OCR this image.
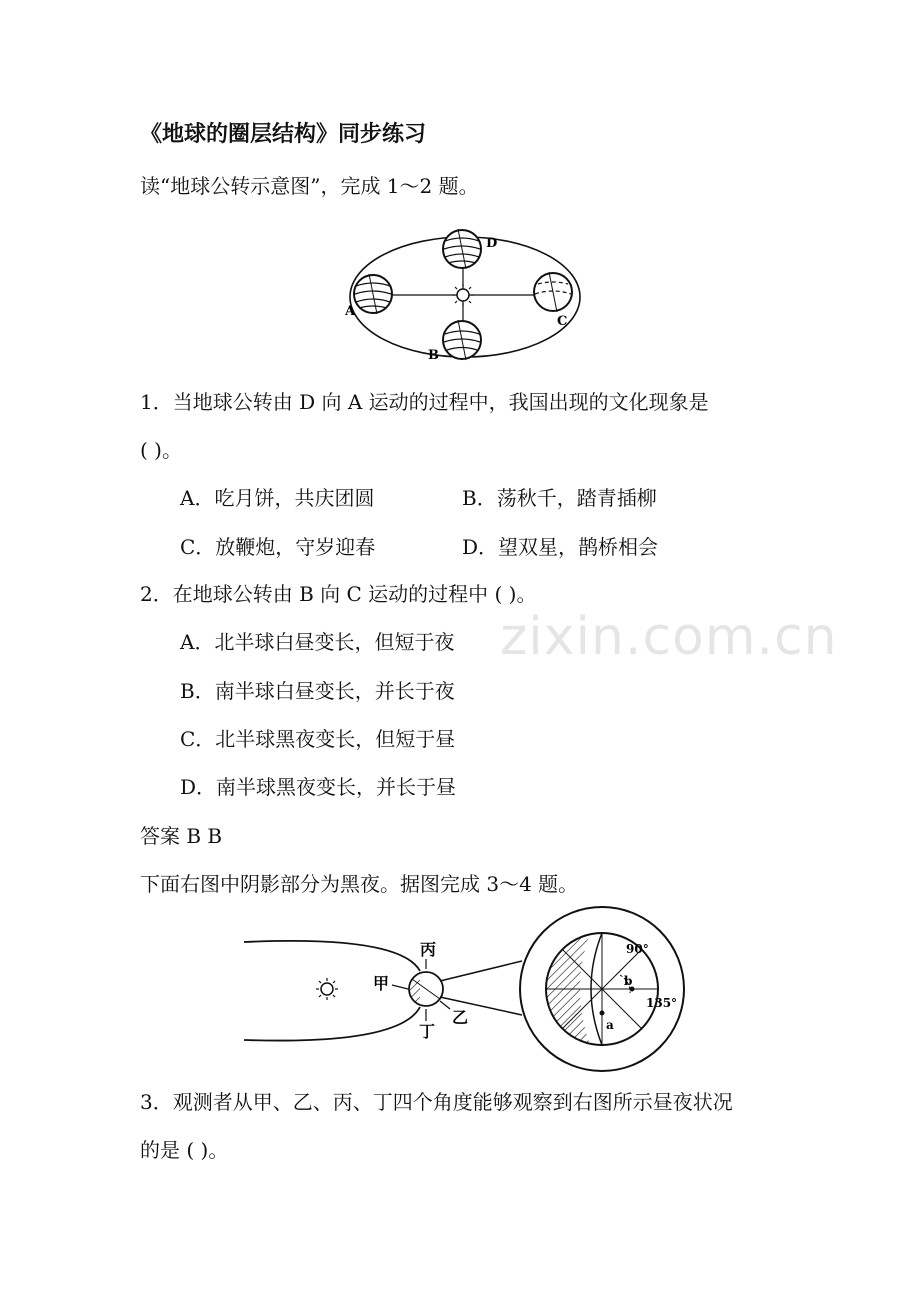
《地球的圈层结构》同步练习
读“地球公转示意图”，完成 1～2 题。
A
B
C
D
1．当地球公转由 D 向 A 运动的过程中，我国出现的文化现象是
( )。
A．吃月饼，共庆团圆	B．荡秋千，踏青插柳
C．放鞭炮，守岁迎春	D．望双星，鹊桥相会
2．在地球公转由 B 向 C 运动的过程中 ( )。
A．北半球白昼变长，但短于夜
B．南半球白昼变长，并长于夜
C．北半球黑夜变长，但短于昼
D．南半球黑夜变长，并长于昼
zixin.com.cn
答案 B B
下面右图中阴影部分为黑夜。据图完成 3～4 题。
丙
甲
乙
丁
90°
135°
b
a
3．观测者从甲、乙、丙、丁四个角度能够观察到右图所示昼夜状况
的是 ( )。
